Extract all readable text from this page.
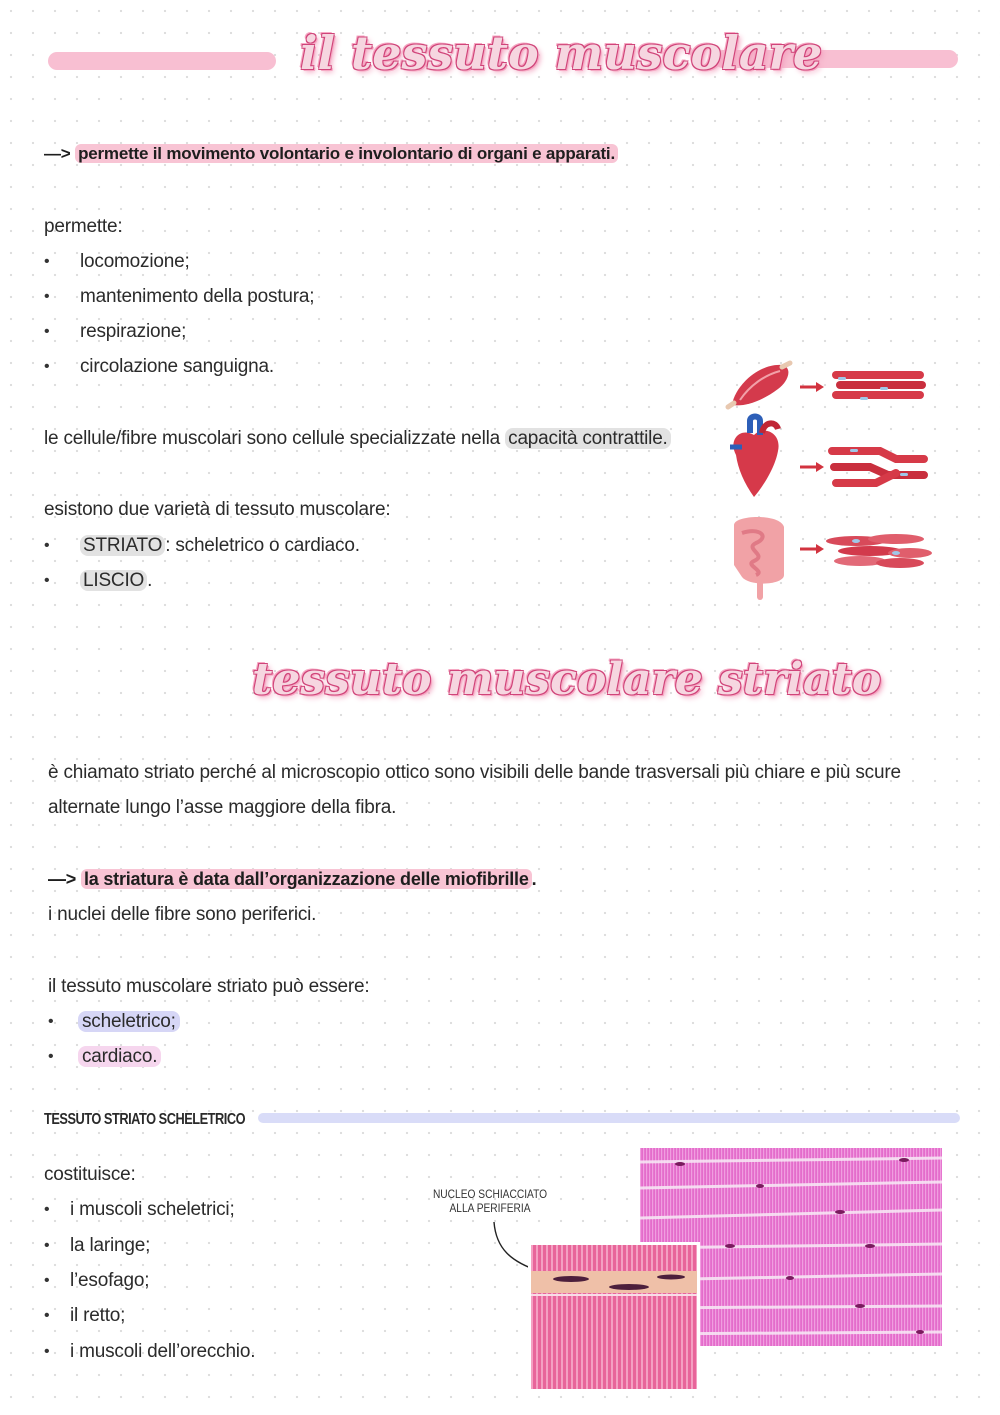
il tessuto muscolare
—> permette il movimento volontario e involontario di organi e apparati.
permette:
• locomozione;
• mantenimento della postura;
• respirazione;
• circolazione sanguigna.
le cellule/fibre muscolari sono cellule specializzate nella capacità contrattile.
esistono due varietà di tessuto muscolare:
• STRIATO : scheletrico o cardiaco.
• LISCIO .
tessuto muscolare striato
è chiamato striato perché al microscopio ottico sono visibili delle bande trasversali più chiare e più scure
alternate lungo l’asse maggiore della fibra.
—> la striatura è data dall’organizzazione delle miofibrille .
i nuclei delle fibre sono periferici.
il tessuto muscolare striato può essere:
• scheletrico;
• cardiaco.
TESSUTO STRIATO SCHELETRICO
costituisce:
• i muscoli scheletrici;
• la laringe;
• l’esofago;
• il retto;
• i muscoli dell’orecchio.
NUCLEO SCHIACCIATO
ALLA PERIFERIA
